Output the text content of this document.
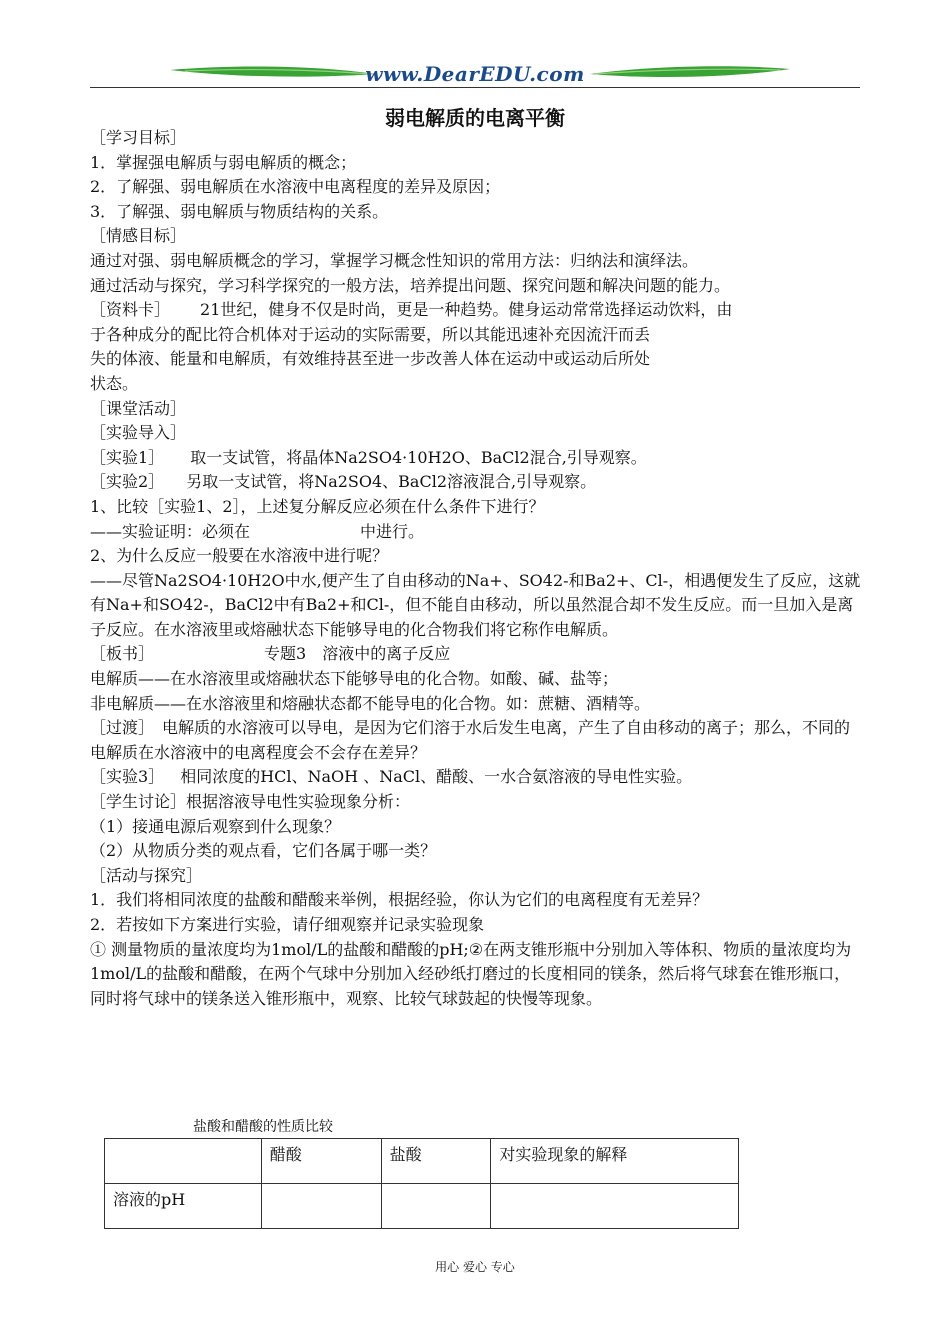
www.DearEDU.com
弱电解质的电离平衡
［学习目标］
1．掌握强电解质与弱电解质的概念；
2．了解强、弱电解质在水溶液中电离程度的差异及原因；
3．了解强、弱电解质与物质结构的关系。
［情感目标］
通过对强、弱电解质概念的学习，掌握学习概念性知识的常用方法：归纳法和演绎法。
通过活动与探究，学习科学探究的一般方法，培养提出问题、探究问题和解决问题的能力。
［资料卡］ 21世纪，健身不仅是时尚，更是一种趋势。健身运动常常选择运动饮料，由
于各种成分的配比符合机体对于运动的实际需要，所以其能迅速补充因流汗而丢
失的体液、能量和电解质，有效维持甚至进一步改善人体在运动中或运动后所处
状态。
［课堂活动］
［实验导入］
［实验1］ 取一支试管，将晶体Na2SO4·10H2O、BaCl2混合,引导观察。
［实验2］ 另取一支试管，将Na2SO4、BaCl2溶液混合,引导观察。
1、比较［实验1、2］，上述复分解反应必须在什么条件下进行？
——实验证明：必须在	中进行。
2、为什么反应一般要在水溶液中进行呢？
——尽管Na2SO4·10H2O中水,便产生了自由移动的Na+、SO42-和Ba2+、Cl-，相遇便发生了反应，这就有Na+和SO42-，BaCl2中有Ba2+和Cl-，但不能自由移动，所以虽然混合却不发生反应。而一旦加入是离子反应。在水溶液里或熔融状态下能够导电的化合物我们将它称作电解质。
［板书］	专题3　溶液中的离子反应
电解质——在水溶液里或熔融状态下能够导电的化合物。如酸、碱、盐等；
非电解质——在水溶液里和熔融状态都不能导电的化合物。如：蔗糖、酒精等。
［过渡］　电解质的水溶液可以导电，是因为它们溶于水后发生电离，产生了自由移动的离子；那么，不同的电解质在水溶液中的电离程度会不会存在差异？
［实验3］ 相同浓度的HCl、NaOH 、NaCl、醋酸、一水合氨溶液的导电性实验。
［学生讨论］根据溶液导电性实验现象分析：
（1）接通电源后观察到什么现象？
（2）从物质分类的观点看，它们各属于哪一类？
［活动与探究］
1．我们将相同浓度的盐酸和醋酸来举例，根据经验，你认为它们的电离程度有无差异？
2．若按如下方案进行实验，请仔细观察并记录实验现象
① 测量物质的量浓度均为1mol/L的盐酸和醋酸的pH;②在两支锥形瓶中分别加入等体积、物质的量浓度均为1mol/L的盐酸和醋酸，在两个气球中分别加入经砂纸打磨过的长度相同的镁条，然后将气球套在锥形瓶口，同时将气球中的镁条送入锥形瓶中，观察、比较气球鼓起的快慢等现象。
盐酸和醋酸的性质比较
	醋酸	盐酸	对实验现象的解释
溶液的pH			
用心 爱心 专心
